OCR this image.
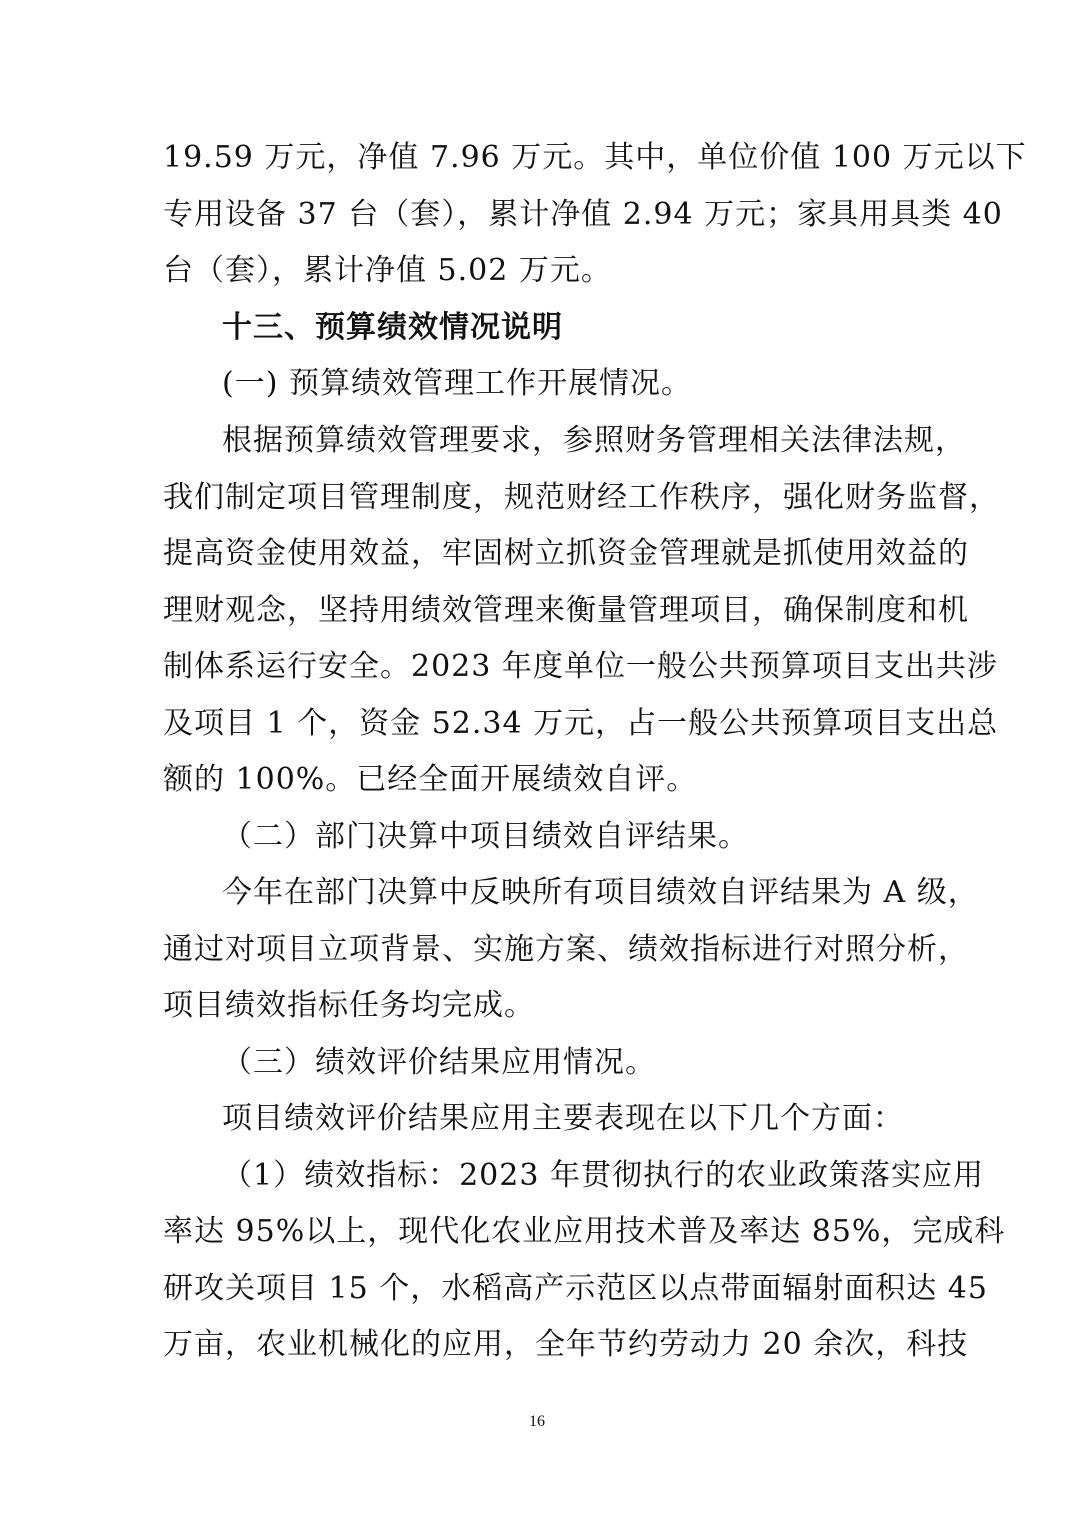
19.59 万元，净值 7.96 万元。其中，单位价值 100 万元以下
专用设备 37 台（套），累计净值 2.94 万元；家具用具类 40
台（套），累计净值 5.02 万元。
十三、预算绩效情况说明
(一) 预算绩效管理工作开展情况。
根据预算绩效管理要求，参照财务管理相关法律法规，
我们制定项目管理制度，规范财经工作秩序，强化财务监督，
提高资金使用效益，牢固树立抓资金管理就是抓使用效益的
理财观念，坚持用绩效管理来衡量管理项目，确保制度和机
制体系运行安全。2023 年度单位一般公共预算项目支出共涉
及项目 1 个，资金 52.34 万元，占一般公共预算项目支出总
额的 100%。已经全面开展绩效自评。
（二）部门决算中项目绩效自评结果。
今年在部门决算中反映所有项目绩效自评结果为 A 级，
通过对项目立项背景、实施方案、绩效指标进行对照分析，
项目绩效指标任务均完成。
（三）绩效评价结果应用情况。
项目绩效评价结果应用主要表现在以下几个方面：
（1）绩效指标：2023 年贯彻执行的农业政策落实应用
率达 95%以上，现代化农业应用技术普及率达 85%，完成科
研攻关项目 15 个，水稻高产示范区以点带面辐射面积达 45
万亩，农业机械化的应用，全年节约劳动力 20 余次，科技
16
